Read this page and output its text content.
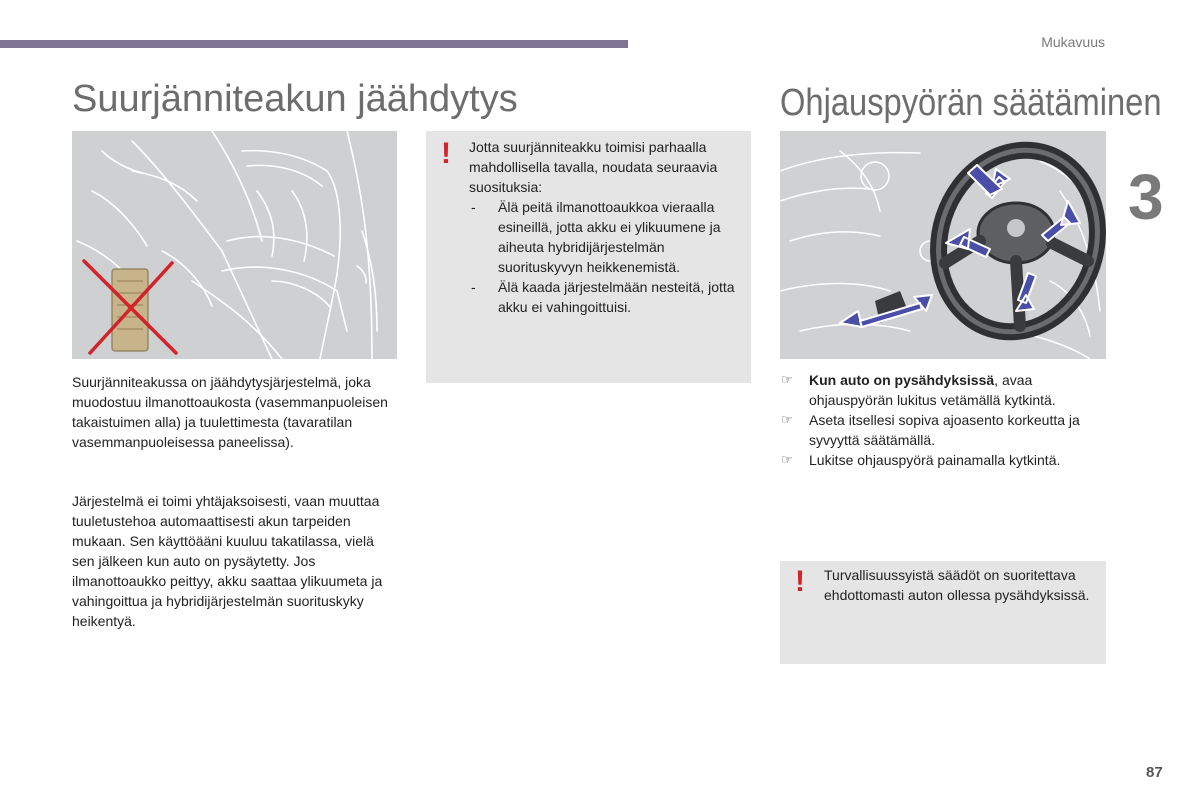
Mukavuus
3
Suurjänniteakun jäähdytys	Ohjauspyörän säätäminen

Suurjänniteakussa on jäähdytysjärjestelmä, joka muodostuu ilmanottoaukosta (vasemmanpuoleisen takaistuimen alla) ja tuulettimesta (tavaratilan vasemmanpuoleisessa paneelissa).

Järjestelmä ei toimi yhtäjaksoisesti, vaan muuttaa tuuletustehoa automaattisesti akun tarpeiden mukaan. Sen käyttöääni kuuluu takatilassa, vielä sen jälkeen kun auto on pysäytetty. Jos ilmanottoaukko peittyy, akku saattaa ylikuumeta ja vahingoittua ja hybridijärjestelmän suorituskyky heikentyä.

! Jotta suurjänniteakku toimisi parhaalla mahdollisella tavalla, noudata seuraavia suosituksia:

- Älä peitä ilmanottoaukkoa vieraalla esineillä, jotta akku ei ylikuumene ja aiheuta hybridijärjestelmän suorituskyvyn heikkenemistä.
- Älä kaada järjestelmään nesteitä, jotta akku ei vahingoittuisi.
☞ Kun auto on pysähdyksissä, avaa ohjauspyörän lukitus vetämällä kytkintä.
☞ Aseta itsellesi sopiva ajoasento korkeutta ja syvyyttä säätämällä.
☞ Lukitse ohjauspyörä painamalla kytkintä.
! Turvallisuussyistä säädöt on suoritettava ehdottomasti auton ollessa pysähdyksissä.

87
